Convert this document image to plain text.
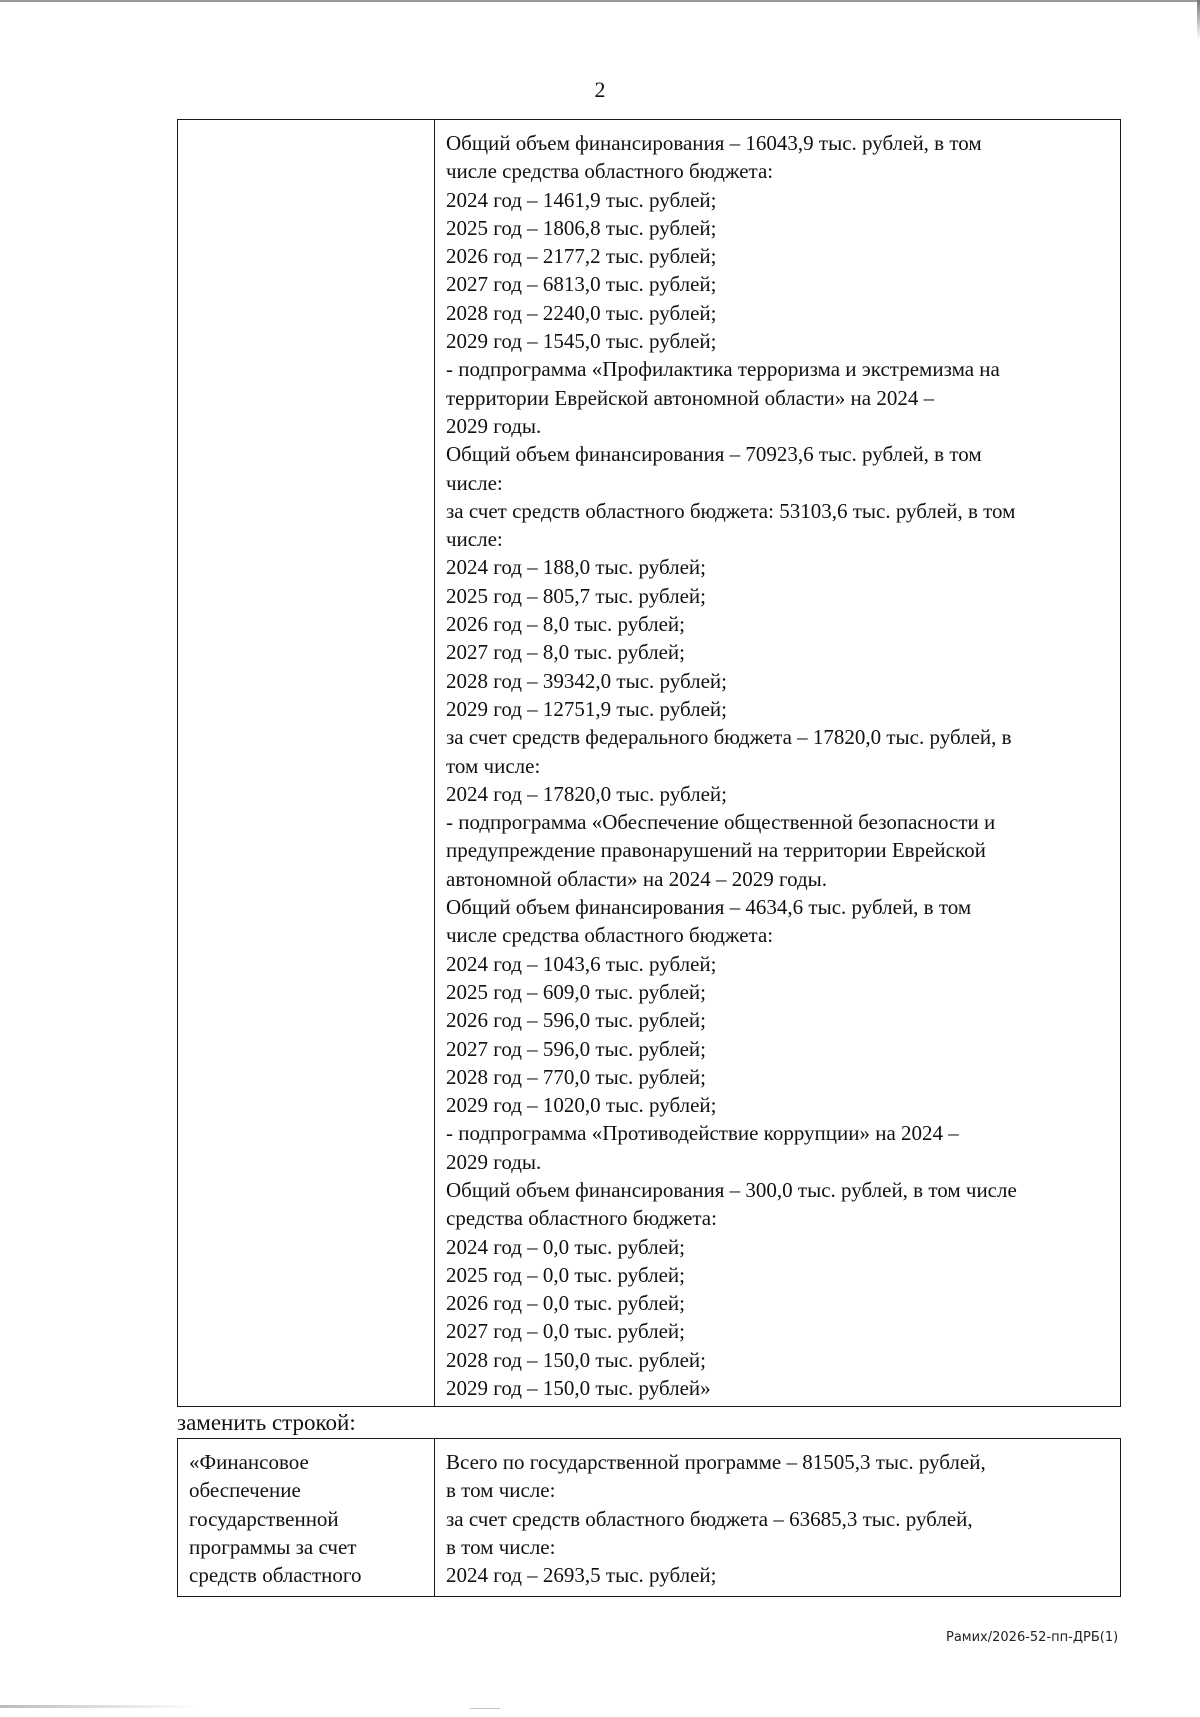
2
Общий объем финансирования – 16043,9 тыс. рублей, в том
числе средства областного бюджета:
2024 год – 1461,9 тыс. рублей;
2025 год – 1806,8 тыс. рублей;
2026 год – 2177,2 тыс. рублей;
2027 год – 6813,0 тыс. рублей;
2028 год – 2240,0 тыс. рублей;
2029 год – 1545,0 тыс. рублей;
- подпрограмма «Профилактика терроризма и экстремизма на
территории Еврейской автономной области» на 2024 –
2029 годы.
Общий объем финансирования – 70923,6 тыс. рублей, в том
числе:
за счет средств областного бюджета: 53103,6 тыс. рублей, в том
числе:
2024 год – 188,0 тыс. рублей;
2025 год – 805,7 тыс. рублей;
2026 год – 8,0 тыс. рублей;
2027 год – 8,0 тыс. рублей;
2028 год – 39342,0 тыс. рублей;
2029 год – 12751,9 тыс. рублей;
за счет средств федерального бюджета – 17820,0 тыс. рублей, в
том числе:
2024 год – 17820,0 тыс. рублей;
- подпрограмма «Обеспечение общественной безопасности и
предупреждение правонарушений на территории Еврейской
автономной области» на 2024 – 2029 годы.
Общий объем финансирования – 4634,6 тыс. рублей, в том
числе средства областного бюджета:
2024 год – 1043,6 тыс. рублей;
2025 год – 609,0 тыс. рублей;
2026 год – 596,0 тыс. рублей;
2027 год – 596,0 тыс. рублей;
2028 год – 770,0 тыс. рублей;
2029 год – 1020,0 тыс. рублей;
- подпрограмма «Противодействие коррупции» на 2024 –
2029 годы.
Общий объем финансирования – 300,0 тыс. рублей, в том числе
средства областного бюджета:
2024 год – 0,0 тыс. рублей;
2025 год – 0,0 тыс. рублей;
2026 год – 0,0 тыс. рублей;
2027 год – 0,0 тыс. рублей;
2028 год – 150,0 тыс. рублей;
2029 год – 150,0 тыс. рублей»
заменить строкой:
«Финансовое
обеспечение
государственной
программы за счет
средств областного
Всего по государственной программе – 81505,3 тыс. рублей,
в том числе:
за счет средств областного бюджета – 63685,3 тыс. рублей,
в том числе:
2024 год – 2693,5 тыс. рублей;
Рамих/2026-52-пп-ДРБ(1)
